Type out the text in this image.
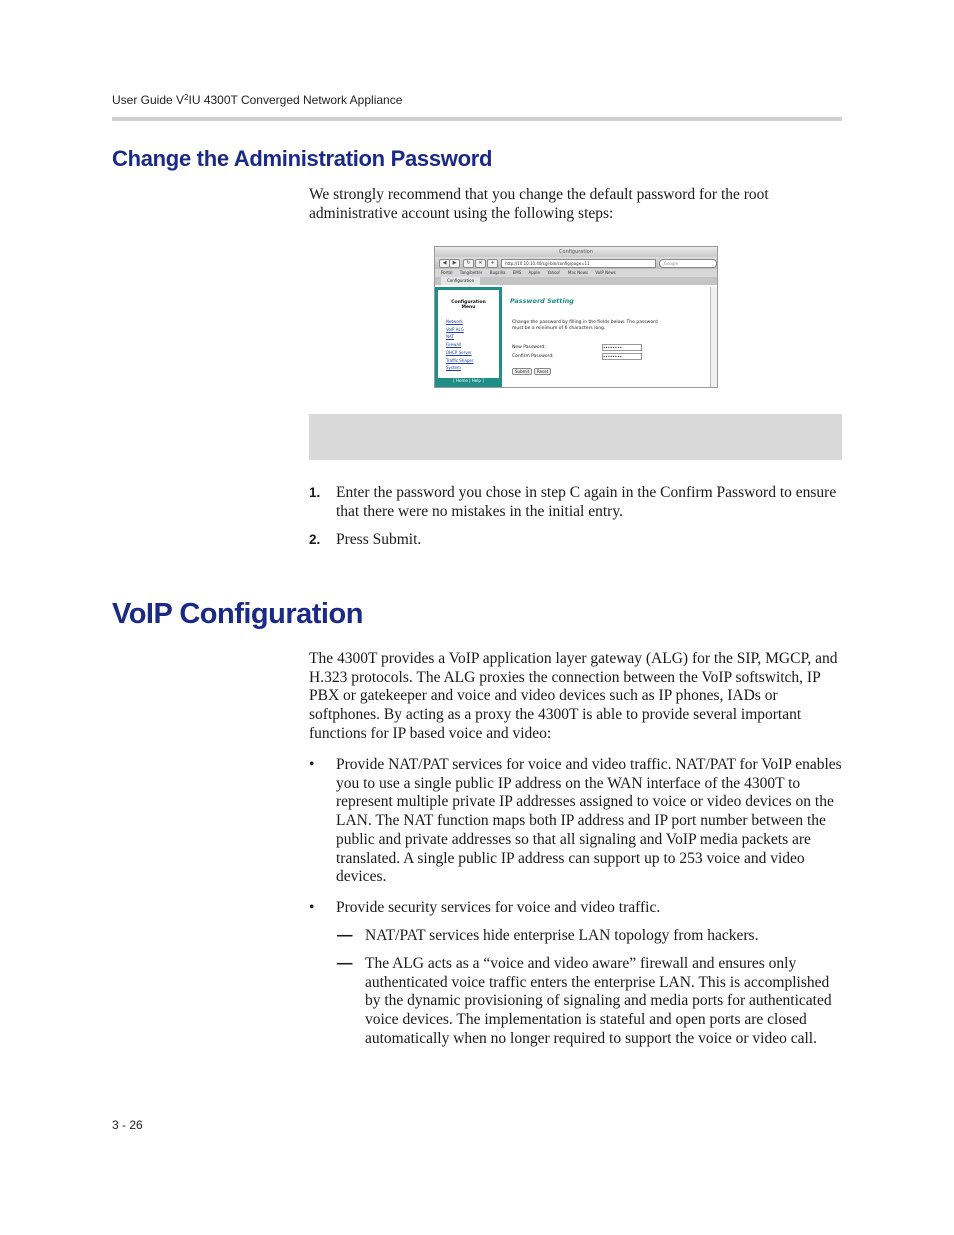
User Guide $V^2IU$ 4300T Converged Network Appliance
Change the Administration Password
We strongly recommend that you change the default password for the root administrative account using the following steps:
Configuration
◀	▶	↻	✕	+	http://10.10.10.40/cgi-bin/config/page=11	Google
Portal Tangibetter Bugzilla EMS Apple Yahoo! Mac News VoIP News
Configuration
Configuration
Menu
Network
VoIP ALG
NAT
Firewall
DHCP Server
Traffic Shaper
System
[ Home | Help ]
Password Setting
Change the password by filling in the fields below. The password must be a minimum of 6 characters long.
New Password:	••••••••
Confirm Password:	••••••••
Submit	Reset
1. Enter the password you chose in step C again in the Confirm Password to ensure that there were no mistakes in the initial entry.
2. Press Submit.
VoIP Configuration
The 4300T provides a VoIP application layer gateway (ALG) for the SIP, MGCP, and H.323 protocols. The ALG proxies the connection between the VoIP softswitch, IP PBX or gatekeeper and voice and video devices such as IP phones, IADs or softphones. By acting as a proxy the 4300T is able to provide several important functions for IP based voice and video:
• Provide NAT/PAT services for voice and video traffic. NAT/PAT for VoIP enables you to use a single public IP address on the WAN interface of the 4300T to represent multiple private IP addresses assigned to voice or video devices on the LAN. The NAT function maps both IP address and IP port number between the public and private addresses so that all signaling and VoIP media packets are translated. A single public IP address can support up to 253 voice and video devices.
• Provide security services for voice and video traffic.
— NAT/PAT services hide enterprise LAN topology from hackers.
— The ALG acts as a “voice and video aware” firewall and ensures only authenticated voice traffic enters the enterprise LAN. This is accomplished by the dynamic provisioning of signaling and media ports for authenticated voice devices. The implementation is stateful and open ports are closed automatically when no longer required to support the voice or video call.
3 - 26
